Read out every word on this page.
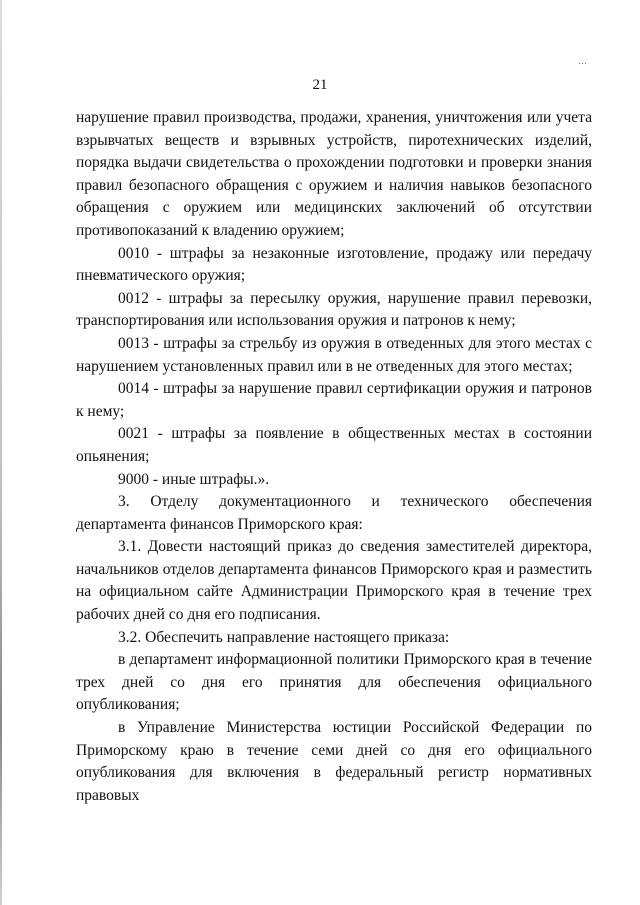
…
21

нарушение правил производства, продажи, хранения, уничтожения или учета взрывчатых веществ и взрывных устройств, пиротехнических изделий, порядка выдачи свидетельства о прохождении подготовки и проверки знания правил безопасного обращения с оружием и наличия навыков безопасного обращения с оружием или медицинских заключений об отсутствии противопоказаний к владению оружием;

0010 - штрафы за незаконные изготовление, продажу или передачу пневматического оружия;

0012 - штрафы за пересылку оружия, нарушение правил перевозки, транспортирования или использования оружия и патронов к нему;

0013 - штрафы за стрельбу из оружия в отведенных для этого местах с нарушением установленных правил или в не отведенных для этого местах;

0014 - штрафы за нарушение правил сертификации оружия и патронов к нему;

0021 - штрафы за появление в общественных местах в состоянии опьянения;

9000 - иные штрафы.».

3. Отделу документационного и технического обеспечения департамента финансов Приморского края:

3.1. Довести настоящий приказ до сведения заместителей директора, начальников отделов департамента финансов Приморского края и разместить на официальном сайте Администрации Приморского края в течение трех рабочих дней со дня его подписания.

3.2. Обеспечить направление настоящего приказа:

в департамент информационной политики Приморского края в течение трех дней со дня его принятия для обеспечения официального опубликования;

в Управление Министерства юстиции Российской Федерации по Приморскому краю в течение семи дней со дня его официального опубликования для включения в федеральный регистр нормативных правовых
